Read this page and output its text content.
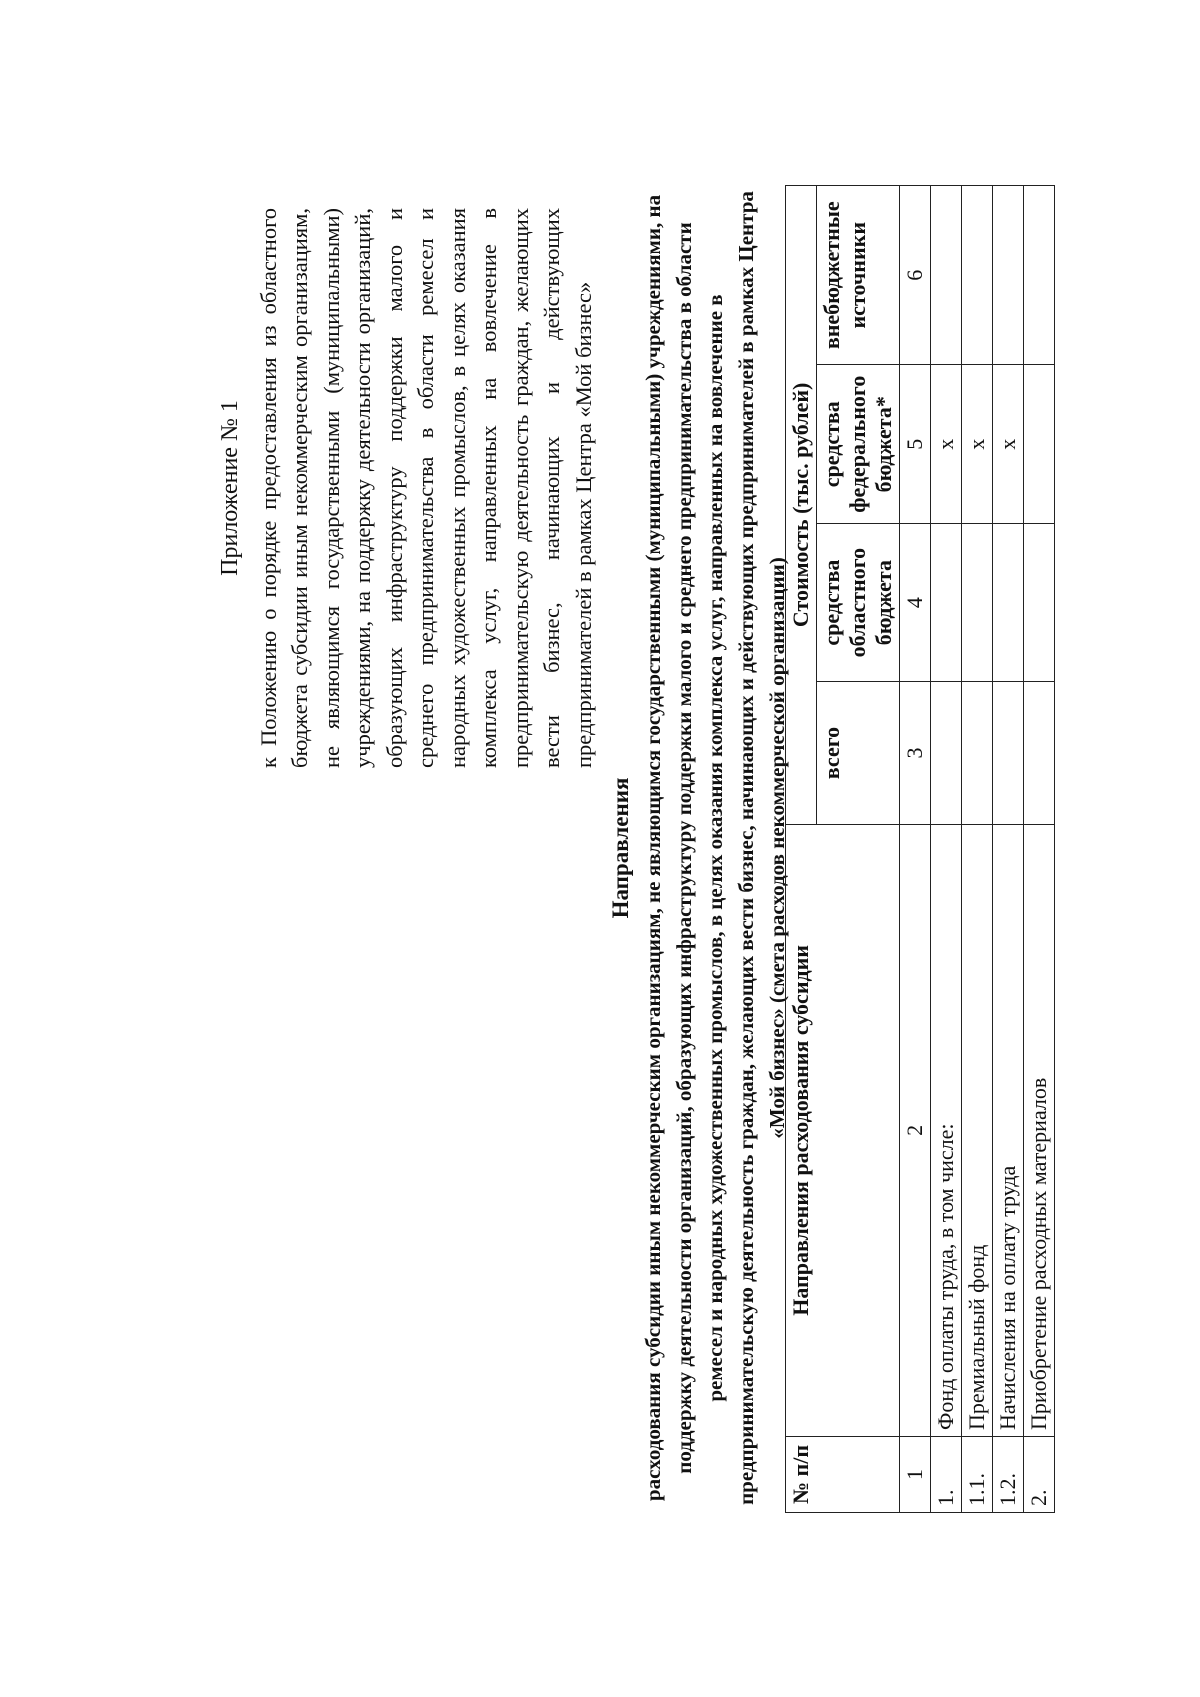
Приложение № 1 к Положению о порядке предоставления из областного бюджета субсидии иным некоммерческим организациям, не являющимся государственными (муниципальными) учреждениями, на поддержку деятельности организаций, образующих инфраструктуру поддержки малого и среднего предпринимательства в области ремесел и народных художественных промыслов, в целях оказания комплекса услуг, направленных на вовлечение в предпринимательскую деятельность граждан, желающих вести бизнес, начинающих и действующих предпринимателей в рамках Центра «Мой бизнес»
Направления расходования субсидии иным некоммерческим организациям, не являющимся государственными (муниципальными) учреждениями, на поддержку деятельности организаций, образующих инфраструктуру поддержки малого и среднего предпринимательства в области ремесел и народных художественных промыслов, в целях оказания комплекса услуг, направленных на вовлечение в предпринимательскую деятельность граждан, желающих вести бизнес, начинающих и действующих предпринимателей в рамках Центра «Мой бизнес» (смета расходов некоммерческой организации)
№ п/п	Направления расходования субсидии	Стоимость (тыс. рублей)			
		всего	средства областного бюджета	средства федерального бюджета*	внебюджетные источники
1	2	3	4	5	6
1.	Фонд оплаты труда, в том числе:			х	
1.1.	Премиальный фонд			х	
1.2.	Начисления на оплату труда			х	
2.	Приобретение расходных материалов				
